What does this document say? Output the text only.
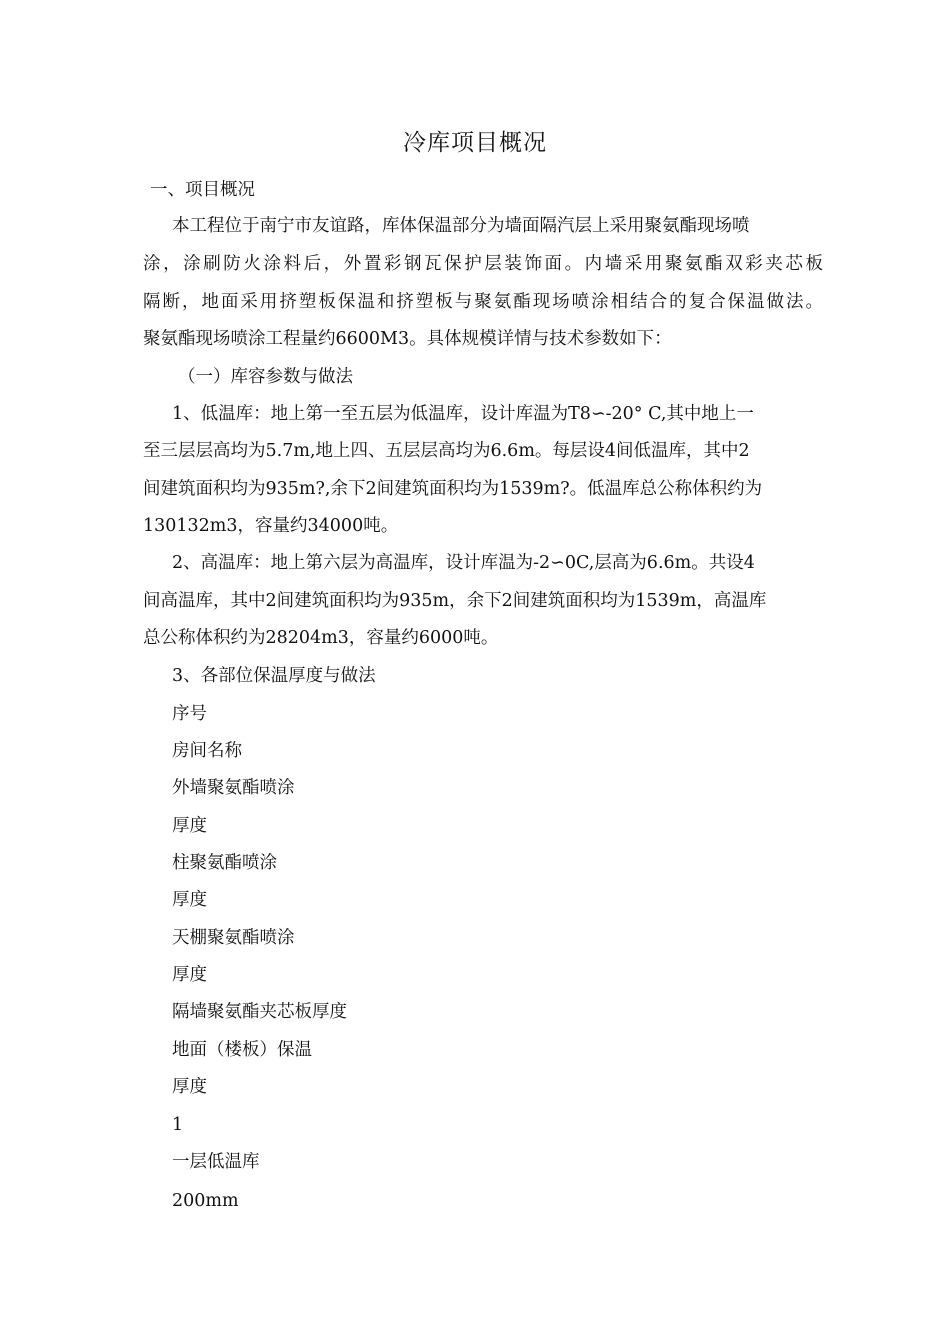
冷库项目概况
一、项目概况
本工程位于南宁市友谊路，库体保温部分为墙面隔汽层上采用聚氨酯现场喷
涂，涂刷防火涂料后，外置彩钢瓦保护层装饰面。内墙采用聚氨酯双彩夹芯板
隔断，地面采用挤塑板保温和挤塑板与聚氨酯现场喷涂相结合的复合保温做法。
聚氨酯现场喷涂工程量约6600M3。具体规模详情与技术参数如下：
（一）库容参数与做法
1、低温库：地上第一至五层为低温库，设计库温为T8∽-20° C,其中地上一
至三层层高均为5.7m,地上四、五层层高均为6.6m。每层设4间低温库，其中2
间建筑面积均为935m?,余下2间建筑面积均为1539m?。低温库总公称体积约为
130132m3，容量约34000吨。
2、高温库：地上第六层为高温库，设计库温为-2∽0C,层高为6.6m。共设4
间高温库，其中2间建筑面积均为935m，余下2间建筑面积均为1539m，高温库
总公称体积约为28204m3，容量约6000吨。
3、各部位保温厚度与做法
序号
房间名称
外墙聚氨酯喷涂
厚度
柱聚氨酯喷涂
厚度
天棚聚氨酯喷涂
厚度
隔墙聚氨酯夹芯板厚度
地面（楼板）保温
厚度
1
一层低温库
200mm
